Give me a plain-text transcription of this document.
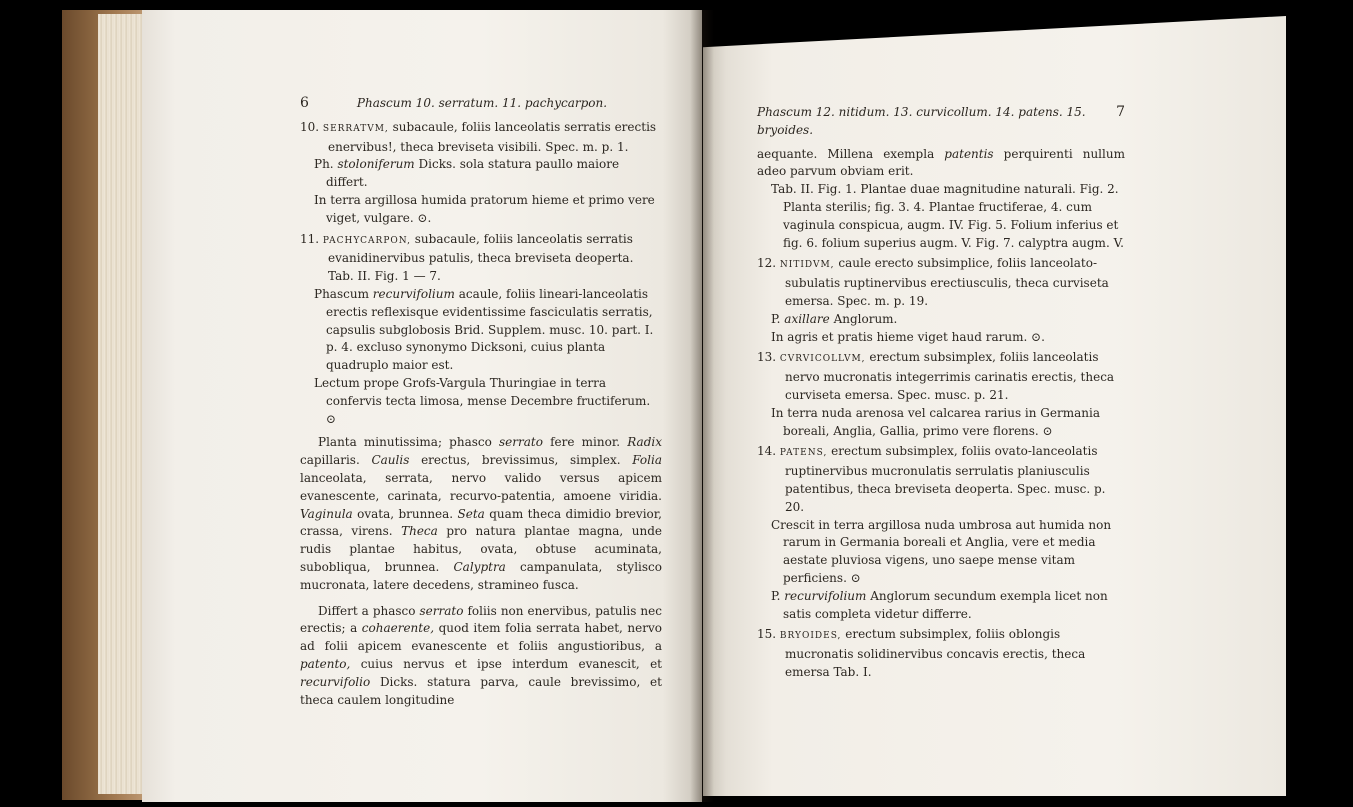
6	Phascum 10. serratum. 11. pachycarpon.

10. SERRATVM, subacaule, foliis lanceolatis serratis erectis enervibus!, theca breviseta visibili. Spec. m. p. 1.

Ph. stoloniferum Dicks. sola statura paullo maiore differt.

In terra argillosa humida pratorum hieme et primo vere viget, vulgare. ⊙.

11. PACHYCARPON, subacaule, foliis lanceolatis serratis evanidinervibus patulis, theca breviseta deoperta. Tab. II. Fig. 1 — 7.

Phascum recurvifolium acaule, foliis lineari-lanceolatis erectis reflexisque evidentissime fasciculatis serratis, capsulis subglobosis Brid. Supplem. musc. 10. part. I. p. 4. excluso synonymo Dicksoni, cuius planta quadruplo maior est.

Lectum prope Grofs-Vargula Thuringiae in terra confervis tecta limosa, mense Decembre fructiferum. ⊙

Planta minutissima; phasco serrato fere minor. Radix capillaris. Caulis erectus, brevissimus, simplex. Folia lanceolata, serrata, nervo valido versus apicem evanescente, carinata, recurvo-patentia, amoene viridia. Vaginula ovata, brunnea. Seta quam theca dimidio brevior, crassa, virens. Theca pro natura plantae magna, unde rudis plantae habitus, ovata, obtuse acuminata, subobliqua, brunnea. Calyptra campanulata, stylisco mucronata, latere decedens, stramineo fusca.

Differt a phasco serrato foliis non enervibus, patulis nec erectis; a cohaerente, quod item folia serrata habet, nervo ad folii apicem evanescente et foliis angustioribus, a patento, cuius nervus et ipse interdum evanescit, et recurvifolio Dicks. statura parva, caule brevissimo, et theca caulem longitudine

Phascum 12. nitidum. 13. curvicollum. 14. patens. 15. bryoides.
7

aequante. Millena exempla patentis perquirenti nullum adeo parvum obviam erit.

Tab. II. Fig. 1. Plantae duae magnitudine naturali. Fig. 2. Planta sterilis; fig. 3. 4. Plantae fructiferae, 4. cum vaginula conspicua, augm. IV. Fig. 5. Folium inferius et fig. 6. folium superius augm. V. Fig. 7. calyptra augm. V.

12. NITIDVM, caule erecto subsimplice, foliis lanceolato-subulatis ruptinervibus erectiusculis, theca curviseta emersa. Spec. m. p. 19.

P. axillare Anglorum.

In agris et pratis hieme viget haud rarum. ⊙.

13. CVRVICOLLVM, erectum subsimplex, foliis lanceolatis nervo mucronatis integerrimis carinatis erectis, theca curviseta emersa. Spec. musc. p. 21.

In terra nuda arenosa vel calcarea rarius in Germania boreali, Anglia, Gallia, primo vere florens. ⊙

14. PATENS, erectum subsimplex, foliis ovato-lanceolatis ruptinervibus mucronulatis serrulatis planiusculis patentibus, theca breviseta deoperta. Spec. musc. p. 20.

Crescit in terra argillosa nuda umbrosa aut humida non rarum in Germania boreali et Anglia, vere et media aestate pluviosa vigens, uno saepe mense vitam perficiens. ⊙

P. recurvifolium Anglorum secundum exempla licet non satis completa videtur differre.

15. BRYOIDES, erectum subsimplex, foliis oblongis mucronatis solidinervibus concavis erectis, theca emersa Tab. I.
